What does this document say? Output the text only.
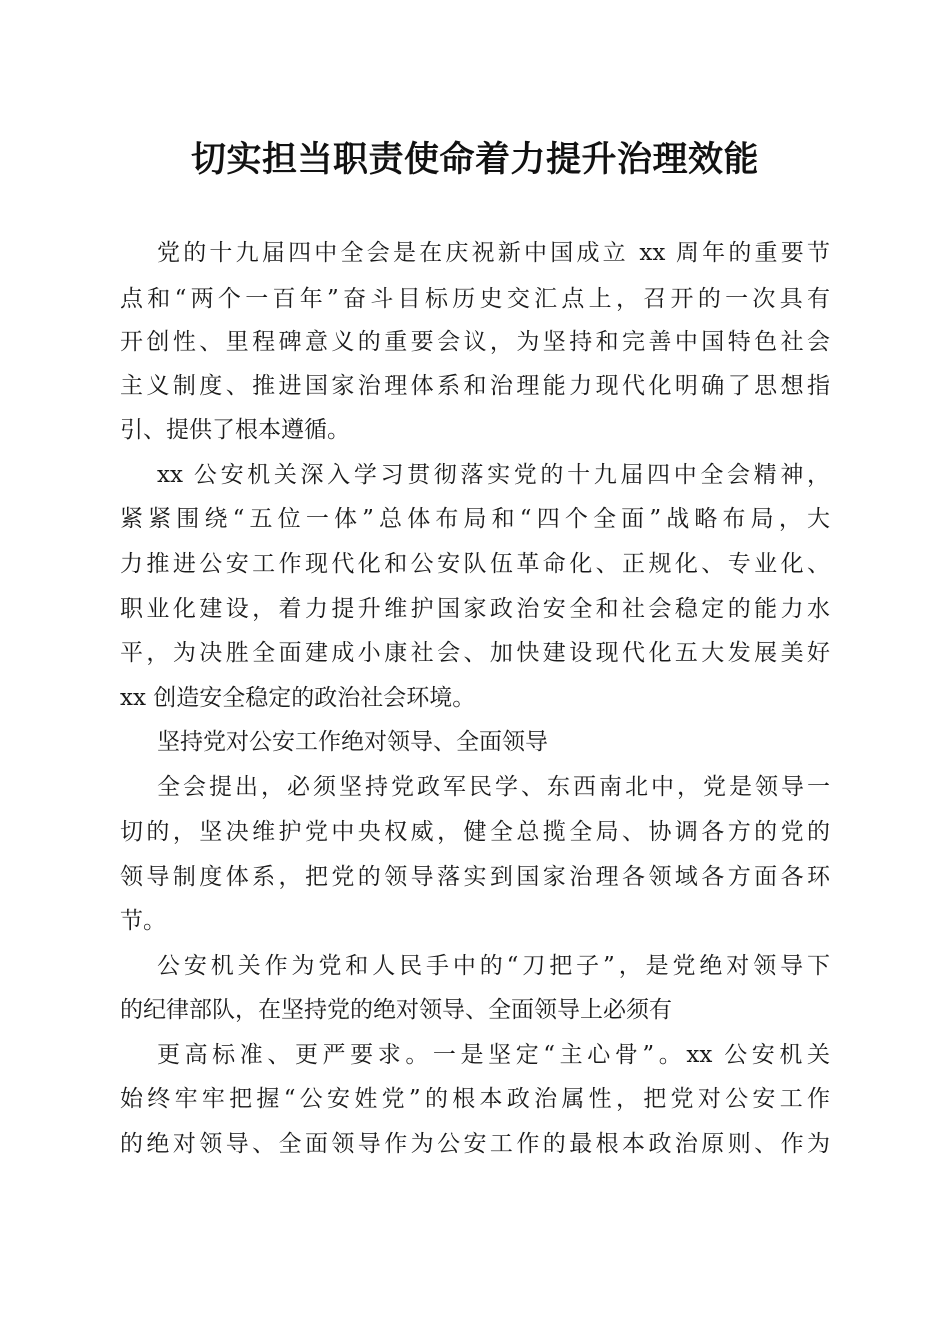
切实担当职责使命着力提升治理效能
党的十九届四中全会是在庆祝新中国成立 xx 周年的重要节
点和“两个一百年”奋斗目标历史交汇点上，召开的一次具有
开创性、里程碑意义的重要会议，为坚持和完善中国特色社会
主义制度、推进国家治理体系和治理能力现代化明确了思想指
引、提供了根本遵循。
xx 公安机关深入学习贯彻落实党的十九届四中全会精神，
紧紧围绕“五位一体”总体布局和“四个全面”战略布局，大
力推进公安工作现代化和公安队伍革命化、正规化、专业化、
职业化建设，着力提升维护国家政治安全和社会稳定的能力水
平，为决胜全面建成小康社会、加快建设现代化五大发展美好
xx 创造安全稳定的政治社会环境。
坚持党对公安工作绝对领导、全面领导
全会提出，必须坚持党政军民学、东西南北中，党是领导一
切的，坚决维护党中央权威，健全总揽全局、协调各方的党的
领导制度体系，把党的领导落实到国家治理各领域各方面各环
节。
公安机关作为党和人民手中的“刀把子”，是党绝对领导下
的纪律部队，在坚持党的绝对领导、全面领导上必须有
更高标准、更严要求。一是坚定“主心骨”。xx 公安机关
始终牢牢把握“公安姓党”的根本政治属性，把党对公安工作
的绝对领导、全面领导作为公安工作的最根本政治原则、作为
